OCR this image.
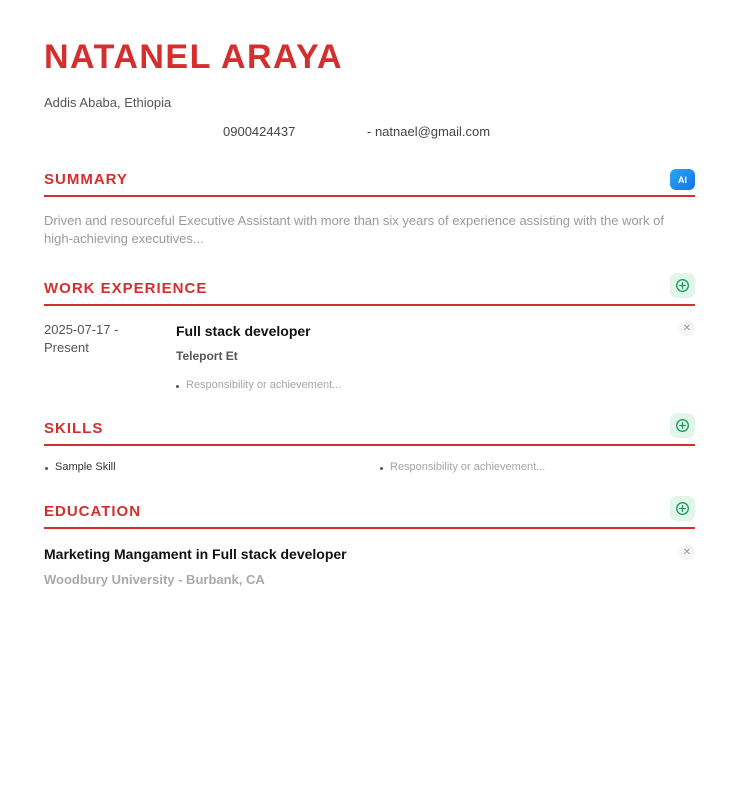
NATANEL ARAYA
Addis Ababa, Ethiopia
0900424437	- natnael@gmail.com
SUMMARY	AI
Driven and resourceful Executive Assistant with more than six years of experience assisting with the work of high-achieving executives...
WORK EXPERIENCE
2025-07-17 - Present
Full stack developer
Teleport Et
Responsibility or achievement...
✕
SKILLS
Sample Skill	Responsibility or achievement...
EDUCATION
Marketing Mangament in Full stack developer
Woodbury University - Burbank, CA
✕
